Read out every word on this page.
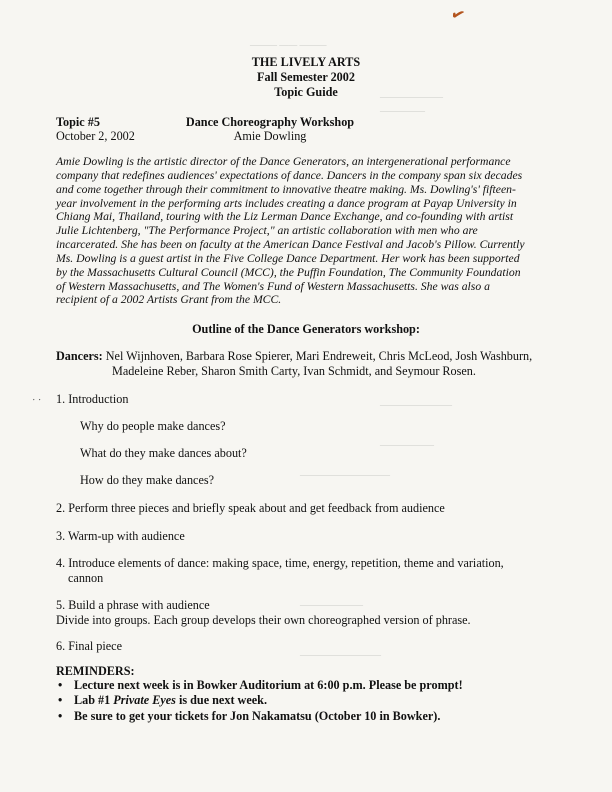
——— —— ———
———————
—————
————————
——————
——————————
———————
—————————
✔
⋅ ⋅
THE LIVELY ARTS
Fall Semester 2002
Topic Guide
Topic #5
October 2, 2002
Dance Choreography Workshop
Amie Dowling
Amie Dowling is the artistic director of the Dance Generators, an intergenerational performance company that redefines audiences' expectations of dance. Dancers in the company span six decades and come together through their commitment to innovative theatre making. Ms. Dowling's' fifteen-year involvement in the performing arts includes creating a dance program at Payap University in Chiang Mai, Thailand, touring with the Liz Lerman Dance Exchange, and co-founding with artist Julie Lichtenberg, "The Performance Project," an artistic collaboration with men who are incarcerated. She has been on faculty at the American Dance Festival and Jacob's Pillow. Currently Ms. Dowling is a guest artist in the Five College Dance Department. Her work has been supported by the Massachusetts Cultural Council (MCC), the Puffin Foundation, The Community Foundation of Western Massachusetts, and The Women's Fund of Western Massachusetts. She was also a recipient of a 2002 Artists Grant from the MCC.
Outline of the Dance Generators workshop:
Dancers: Nel Wijnhoven, Barbara Rose Spierer, Mari Endreweit, Chris McLeod, Josh Washburn,
Madeleine Reber, Sharon Smith Carty, Ivan Schmidt, and Seymour Rosen.
1. Introduction
Why do people make dances?
What do they make dances about?
How do they make dances?
2. Perform three pieces and briefly speak about and get feedback from audience
3. Warm-up with audience
4. Introduce elements of dance: making space, time, energy, repetition, theme and variation,
cannon
5. Build a phrase with audience
Divide into groups. Each group develops their own choreographed version of phrase.
6. Final piece
REMINDERS:
• Lecture next week is in Bowker Auditorium at 6:00 p.m. Please be prompt!
• Lab #1 Private Eyes is due next week.
• Be sure to get your tickets for Jon Nakamatsu (October 10 in Bowker).
